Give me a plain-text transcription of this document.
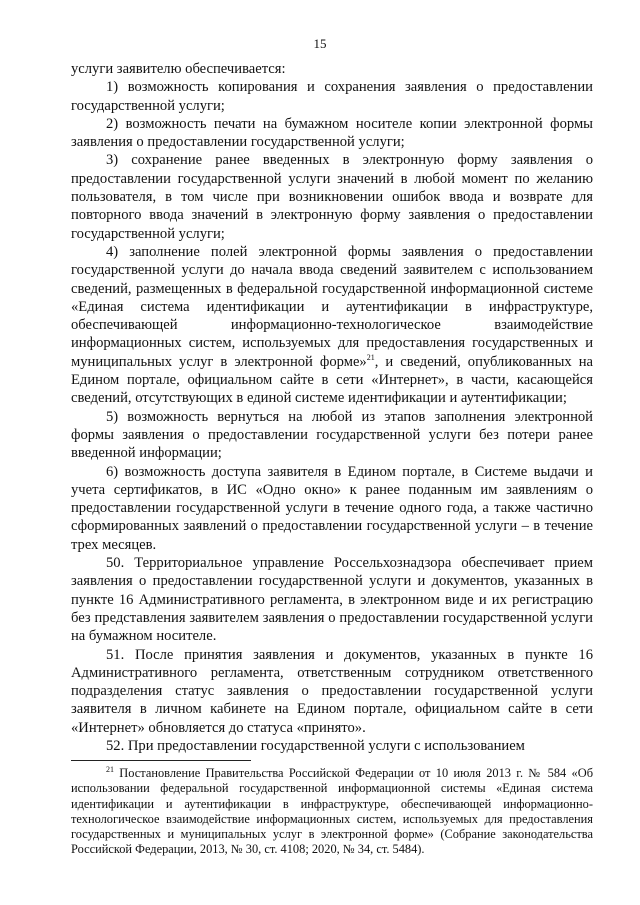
15

услуги заявителю обеспечивается:

1) возможность копирования и сохранения заявления о предоставлении государственной услуги;

2) возможность печати на бумажном носителе копии электронной формы заявления о предоставлении государственной услуги;

3) сохранение ранее введенных в электронную форму заявления о предоставлении государственной услуги значений в любой момент по желанию пользователя, в том числе при возникновении ошибок ввода и возврате для повторного ввода значений в электронную форму заявления о предоставлении государственной услуги;

4) заполнение полей электронной формы заявления о предоставлении государственной услуги до начала ввода сведений заявителем с использованием сведений, размещенных в федеральной государственной информационной системе «Единая система идентификации и аутентификации в инфраструктуре, обеспечивающей информационно-технологическое взаимодействие информационных систем, используемых для предоставления государственных и муниципальных услуг в электронной форме»$^{21}$, и сведений, опубликованных на Едином портале, официальном сайте в сети «Интернет», в части, касающейся сведений, отсутствующих в единой системе идентификации и аутентификации;

5) возможность вернуться на любой из этапов заполнения электронной формы заявления о предоставлении государственной услуги без потери ранее введенной информации;

6) возможность доступа заявителя в Едином портале, в Системе выдачи и учета сертификатов, в ИС «Одно окно» к ранее поданным им заявлениям о предоставлении государственной услуги в течение одного года, а также частично сформированных заявлений о предоставлении государственной услуги – в течение трех месяцев.

50. Территориальное управление Россельхознадзора обеспечивает прием заявления о предоставлении государственной услуги и документов, указанных в пункте 16 Административного регламента, в электронном виде и их регистрацию без представления заявителем заявления о предоставлении государственной услуги на бумажном носителе.

51. После принятия заявления и документов, указанных в пункте 16 Административного регламента, ответственным сотрудником ответственного подразделения статус заявления о предоставлении государственной услуги заявителя в личном кабинете на Едином портале, официальном сайте в сети «Интернет» обновляется до статуса «принято».

52. При предоставлении государственной услуги с использованием

$^{21}$ Постановление Правительства Российской Федерации от 10 июля 2013 г. № 584 «Об использовании федеральной государственной информационной системы «Единая система идентификации и аутентификации в инфраструктуре, обеспечивающей информационно-технологическое взаимодействие информационных систем, используемых для предоставления государственных и муниципальных услуг в электронной форме» (Собрание законодательства Российской Федерации, 2013, № 30, ст. 4108; 2020, № 34, ст. 5484).
